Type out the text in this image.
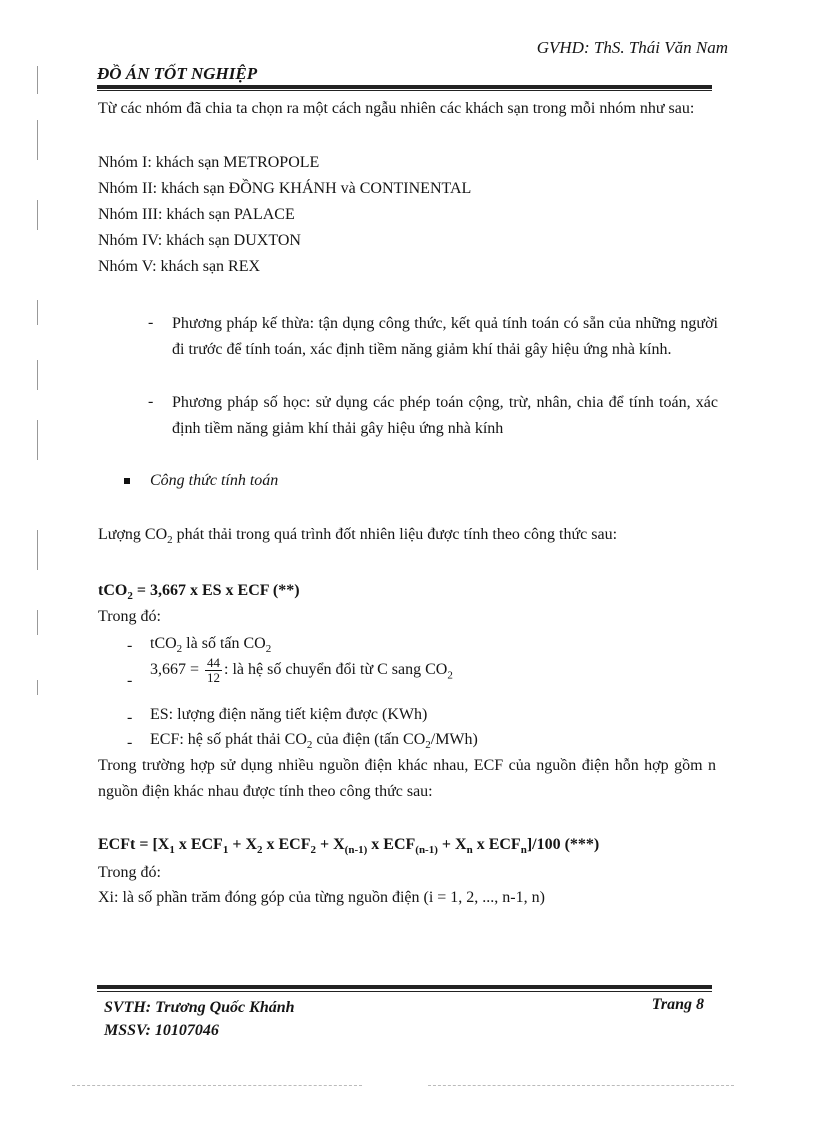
GVHD: ThS. Thái Văn Nam
ĐỒ ÁN TỐT NGHIỆP
Từ các nhóm đã chia ta chọn ra một cách ngẫu nhiên các khách sạn trong mỗi nhóm như sau:
Nhóm I: khách sạn METROPOLE
Nhóm II: khách sạn ĐỒNG KHÁNH và CONTINENTAL
Nhóm III: khách sạn PALACE
Nhóm IV: khách sạn DUXTON
Nhóm V: khách sạn REX
- Phương pháp kế thừa: tận dụng công thức, kết quả tính toán có sẵn của những người đi trước để tính toán, xác định tiềm năng giảm khí thải gây hiệu ứng nhà kính.
- Phương pháp số học: sử dụng các phép toán cộng, trừ, nhân, chia để tính toán, xác định tiềm năng giảm khí thải gây hiệu ứng nhà kính
Công thức tính toán
Lượng $CO_2$ phát thải trong quá trình đốt nhiên liệu được tính theo công thức sau:
tCO$_2$ = 3,667 x ES x ECF (**)
Trong đó:
- tCO$_2$ là số tấn $CO_2$
-
$3,667 = \frac{44}{12}$ : là hệ số chuyển đổi từ C sang $CO_2$
- ES: lượng điện năng tiết kiệm được (KWh)
- ECF: hệ số phát thải $CO_2$ của điện (tấn $CO_2/MWh$)
Trong trường hợp sử dụng nhiều nguồn điện khác nhau, ECF của nguồn điện hỗn hợp gồm n nguồn điện khác nhau được tính theo công thức sau:
ECFt = [$X_1$ x $ECF_1 + X_2$ x $ECF_2 + X_{(n-1)}$ x $ECF_{(n-1)} + X_n$ x $ECF_n]/100$ (***)
Trong đó:
Xi: là số phần trăm đóng góp của từng nguồn điện (i = 1, 2, ..., n-1, n)
SVTH: Trương Quốc Khánh
MSSV: 10107046
Trang 8
